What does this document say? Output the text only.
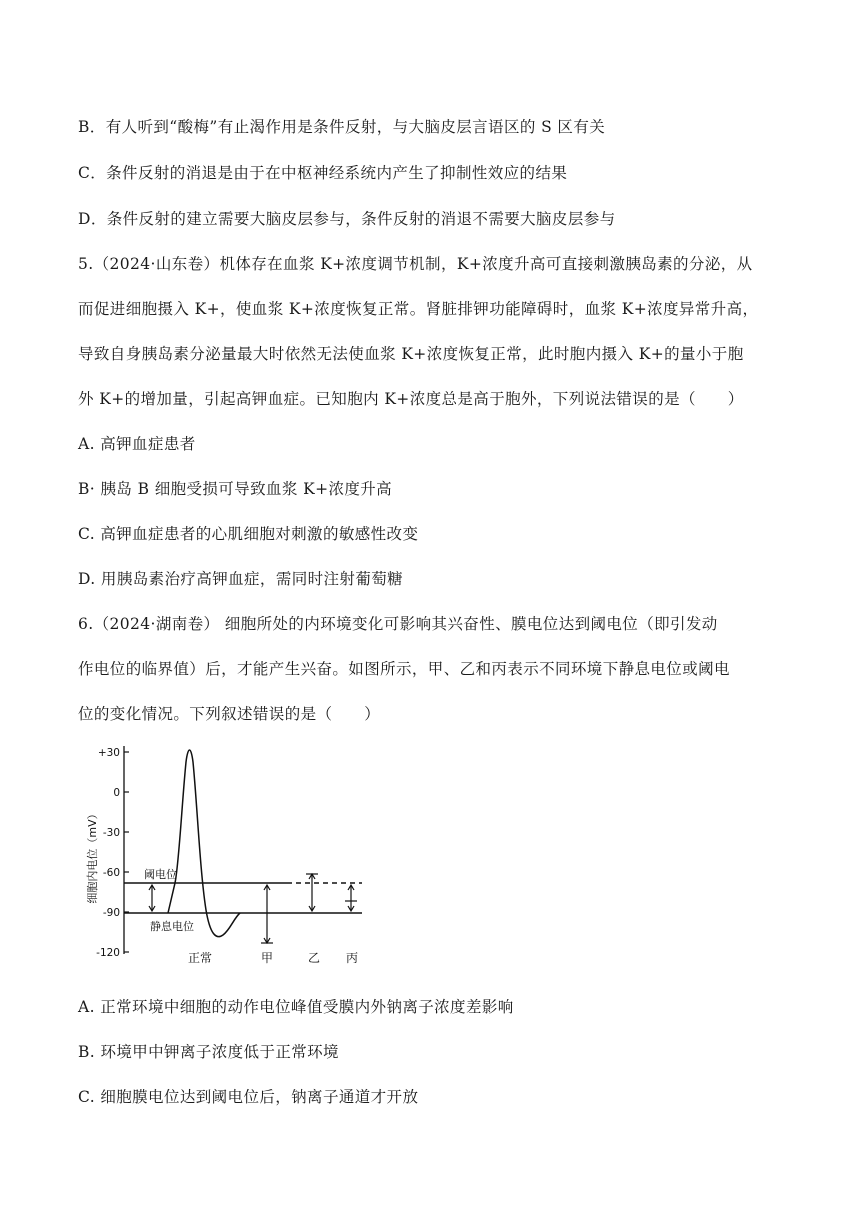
B．有人听到“酸梅”有止渴作用是条件反射，与大脑皮层言语区的 S 区有关
C．条件反射的消退是由于在中枢神经系统内产生了抑制性效应的结果
D．条件反射的建立需要大脑皮层参与，条件反射的消退不需要大脑皮层参与
5.（2024·山东卷）机体存在血浆 K+浓度调节机制，K+浓度升高可直接刺激胰岛素的分泌，从
而促进细胞摄入 K+，使血浆 K+浓度恢复正常。肾脏排钾功能障碍时，血浆 K+浓度异常升高，
导致自身胰岛素分泌量最大时依然无法使血浆 K+浓度恢复正常，此时胞内摄入 K+的量小于胞
外 K+的增加量，引起高钾血症。已知胞内 K+浓度总是高于胞外，下列说法错误的是（　　）
A. 高钾血症患者
B· 胰岛 B 细胞受损可导致血浆 K+浓度升高
C. 高钾血症患者的心肌细胞对刺激的敏感性改变
D. 用胰岛素治疗高钾血症，需同时注射葡萄糖
6.（2024·湖南卷） 细胞所处的内环境变化可影响其兴奋性、膜电位达到阈电位（即引发动
作电位的临界值）后，才能产生兴奋。如图所示，甲、乙和丙表示不同环境下静息电位或阈电
位的变化情况。下列叙述错误的是（　　）
A. 正常环境中细胞的动作电位峰值受膜内外钠离子浓度差影响
B. 环境甲中钾离子浓度低于正常环境
C. 细胞膜电位达到阈电位后，钠离子通道才开放
细胞内电位（mV）
+30
0
-30
-60
-90
-120
阈电位
静息电位
正常	甲	乙 丙
